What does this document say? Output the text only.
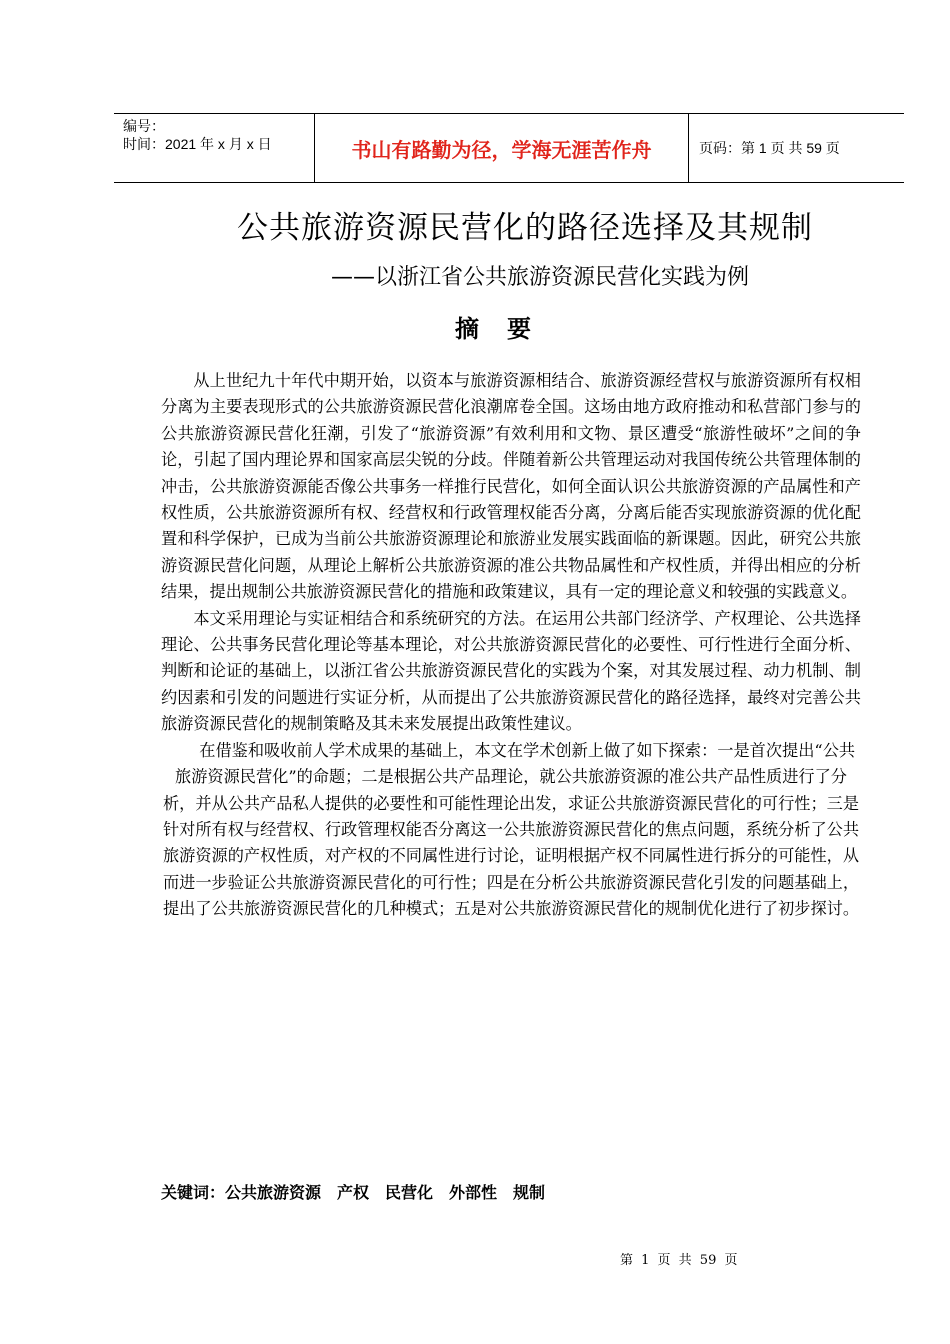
编号：
时间：2021 年 x 月 x 日	书山有路勤为径，学海无涯苦作舟	页码：第 1 页 共 59 页
公共旅游资源民营化的路径选择及其规制
——以浙江省公共旅游资源民营化实践为例
摘要

从上世纪九十年代中期开始，以资本与旅游资源相结合、旅游资源经营权与旅游资源所有权相分离为主要表现形式的公共旅游资源民营化浪潮席卷全国。这场由地方政府推动和私营部门参与的公共旅游资源民营化狂潮，引发了“旅游资源”有效利用和文物、景区遭受“旅游性破坏”之间的争论，引起了国内理论界和国家高层尖锐的分歧。伴随着新公共管理运动对我国传统公共管理体制的冲击，公共旅游资源能否像公共事务一样推行民营化，如何全面认识公共旅游资源的产品属性和产权性质，公共旅游资源所有权、经营权和行政管理权能否分离，分离后能否实现旅游资源的优化配置和科学保护，已成为当前公共旅游资源理论和旅游业发展实践面临的新课题。因此，研究公共旅游资源民营化问题，从理论上解析公共旅游资源的准公共物品属性和产权性质，并得出相应的分析结果，提出规制公共旅游资源民营化的措施和政策建议，具有一定的理论意义和较强的实践意义。

本文采用理论与实证相结合和系统研究的方法。在运用公共部门经济学、产权理论、公共选择理论、公共事务民营化理论等基本理论，对公共旅游资源民营化的必要性、可行性进行全面分析、判断和论证的基础上，以浙江省公共旅游资源民营化的实践为个案，对其发展过程、动力机制、制约因素和引发的问题进行实证分析，从而提出了公共旅游资源民营化的路径选择，最终对完善公共旅游资源民营化的规制策略及其未来发展提出政策性建议。

在借鉴和吸收前人学术成果的基础上，本文在学术创新上做了如下探索：一是首次提出“公共旅游资源民营化”的命题；二是根据公共产品理论，就公共旅游资源的准公共产品性质进行了分析，并从公共产品私人提供的必要性和可能性理论出发，求证公共旅游资源民营化的可行性；三是针对所有权与经营权、行政管理权能否分离这一公共旅游资源民营化的焦点问题，系统分析了公共旅游资源的产权性质，对产权的不同属性进行讨论，证明根据产权不同属性进行拆分的可能性，从而进一步验证公共旅游资源民营化的可行性；四是在分析公共旅游资源民营化引发的问题基础上，提出了公共旅游资源民营化的几种模式；五是对公共旅游资源民营化的规制优化进行了初步探讨。

关键词：公共旅游资源　产权　民营化　外部性　规制
第 1 页 共 59 页
